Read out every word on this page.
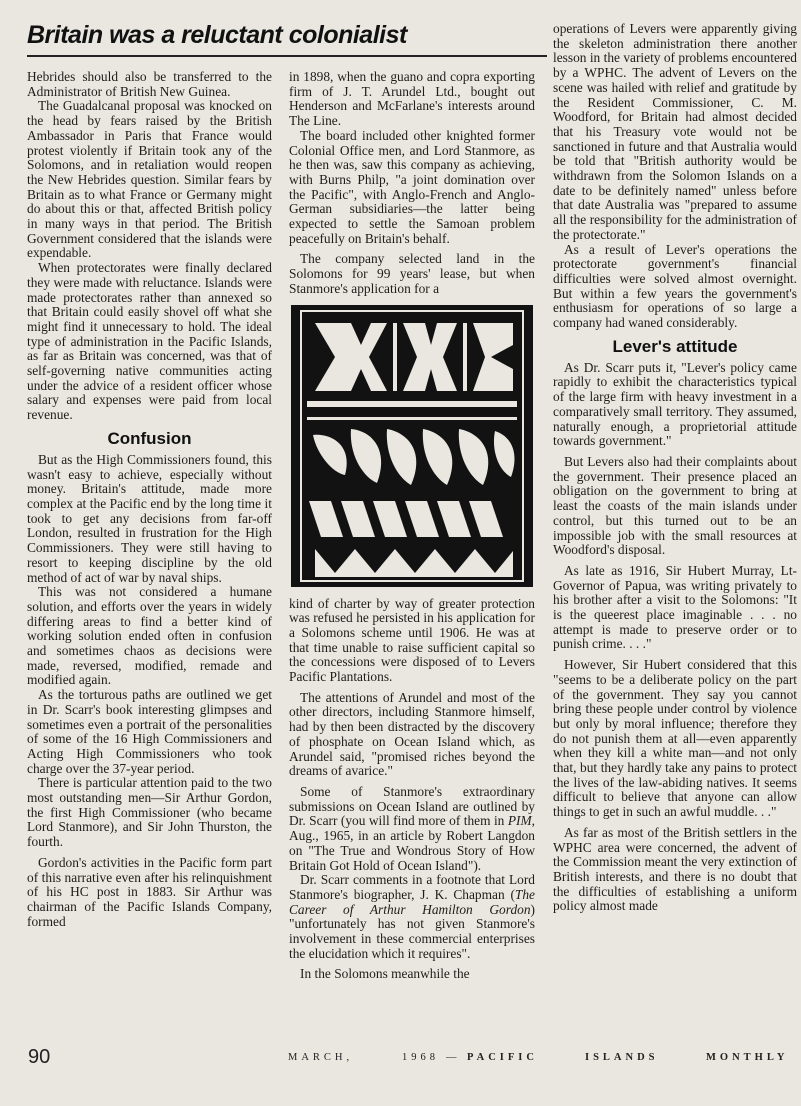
Britain was a reluctant colonialist

Hebrides should also be transferred to the Administrator of British New Guinea.

The Guadalcanal proposal was knocked on the head by fears raised by the British Ambassador in Paris that France would protest violently if Britain took any of the Solomons, and in retaliation would reopen the New Hebrides question. Similar fears by Britain as to what France or Germany might do about this or that, affected British policy in many ways in that period. The British Government considered that the islands were expendable.

When protectorates were finally declared they were made with reluctance. Islands were made protectorates rather than annexed so that Britain could easily shovel off what she might find it unnecessary to hold. The ideal type of administration in the Pacific Islands, as far as Britain was concerned, was that of self-governing native communities acting under the advice of a resident officer whose salary and expenses were paid from local revenue.

Confusion

But as the High Commissioners found, this wasn't easy to achieve, especially without money. Britain's attitude, made more complex at the Pacific end by the long time it took to get any decisions from far-off London, resulted in frustration for the High Commissioners. They were still having to resort to keeping discipline by the old method of act of war by naval ships.

This was not considered a humane solution, and efforts over the years in widely differing areas to find a better kind of working solution ended often in confusion and sometimes chaos as decisions were made, reversed, modified, remade and modified again.

As the torturous paths are outlined we get in Dr. Scarr's book interesting glimpses and sometimes even a portrait of the personalities of some of the 16 High Commissioners and Acting High Commissioners who took charge over the 37-year period.

There is particular attention paid to the two most outstanding men—Sir Arthur Gordon, the first High Commissioner (who became Lord Stanmore), and Sir John Thurston, the fourth.

Gordon's activities in the Pacific form part of this narrative even after his relinquishment of his HC post in 1883. Sir Arthur was chairman of the Pacific Islands Company, formed

in 1898, when the guano and copra exporting firm of J. T. Arundel Ltd., bought out Henderson and McFarlane's interests around The Line.

The board included other knighted former Colonial Office men, and Lord Stanmore, as he then was, saw this company as achieving, with Burns Philp, "a joint domination over the Pacific", with Anglo-French and Anglo-German subsidiaries—the latter being expected to settle the Samoan problem peacefully on Britain's behalf.

The company selected land in the Solomons for 99 years' lease, but when Stanmore's application for a

kind of charter by way of greater protection was refused he persisted in his application for a Solomons scheme until 1906. He was at that time unable to raise sufficient capital so the concessions were disposed of to Levers Pacific Plantations.

The attentions of Arundel and most of the other directors, including Stanmore himself, had by then been distracted by the discovery of phosphate on Ocean Island which, as Arundel said, "promised riches beyond the dreams of avarice."

Some of Stanmore's extraordinary submissions on Ocean Island are outlined by Dr. Scarr (you will find more of them in PIM, Aug., 1965, in an article by Robert Langdon on "The True and Wondrous Story of How Britain Got Hold of Ocean Island").

Dr. Scarr comments in a footnote that Lord Stanmore's biographer, J. K. Chapman (The Career of Arthur Hamilton Gordon) "unfortunately has not given Stanmore's involvement in these commercial enterprises the elucidation which it requires".

In the Solomons meanwhile the

operations of Levers were apparently giving the skeleton administration there another lesson in the variety of problems encountered by a WPHC. The advent of Levers on the scene was hailed with relief and gratitude by the Resident Commissioner, C. M. Woodford, for Britain had almost decided that his Treasury vote would not be sanctioned in future and that Australia would be told that "British authority would be withdrawn from the Solomon Islands on a date to be definitely named" unless before that date Australia was "prepared to assume all the responsibility for the administration of the protectorate."

As a result of Lever's operations the protectorate government's financial difficulties were solved almost overnight. But within a few years the government's enthusiasm for operations of so large a company had waned considerably.

Lever's attitude

As Dr. Scarr puts it, "Lever's policy came rapidly to exhibit the characteristics typical of the large firm with heavy investment in a comparatively small territory. They assumed, naturally enough, a proprietorial attitude towards government."

But Levers also had their complaints about the government. Their presence placed an obligation on the government to bring at least the coasts of the main islands under control, but this turned out to be an impossible job with the small resources at Woodford's disposal.

As late as 1916, Sir Hubert Murray, Lt-Governor of Papua, was writing privately to his brother after a visit to the Solomons: "It is the queerest place imaginable . . . no attempt is made to preserve order or to punish crime. . . ."

However, Sir Hubert considered that this "seems to be a deliberate policy on the part of the government. They say you cannot bring these people under control by violence but only by moral influence; therefore they do not punish them at all—even apparently when they kill a white man—and not only that, but they hardly take any pains to protect the lives of the law-abiding natives. It seems difficult to believe that anyone can allow things to get in such an awful muddle. . ."

As far as most of the British settlers in the WPHC area were concerned, the advent of the Commission meant the very extinction of British interests, and there is no doubt that the difficulties of establishing a uniform policy almost made

90	MARCH,	1968 — PACIFIC	ISLANDS	MONTHLY
